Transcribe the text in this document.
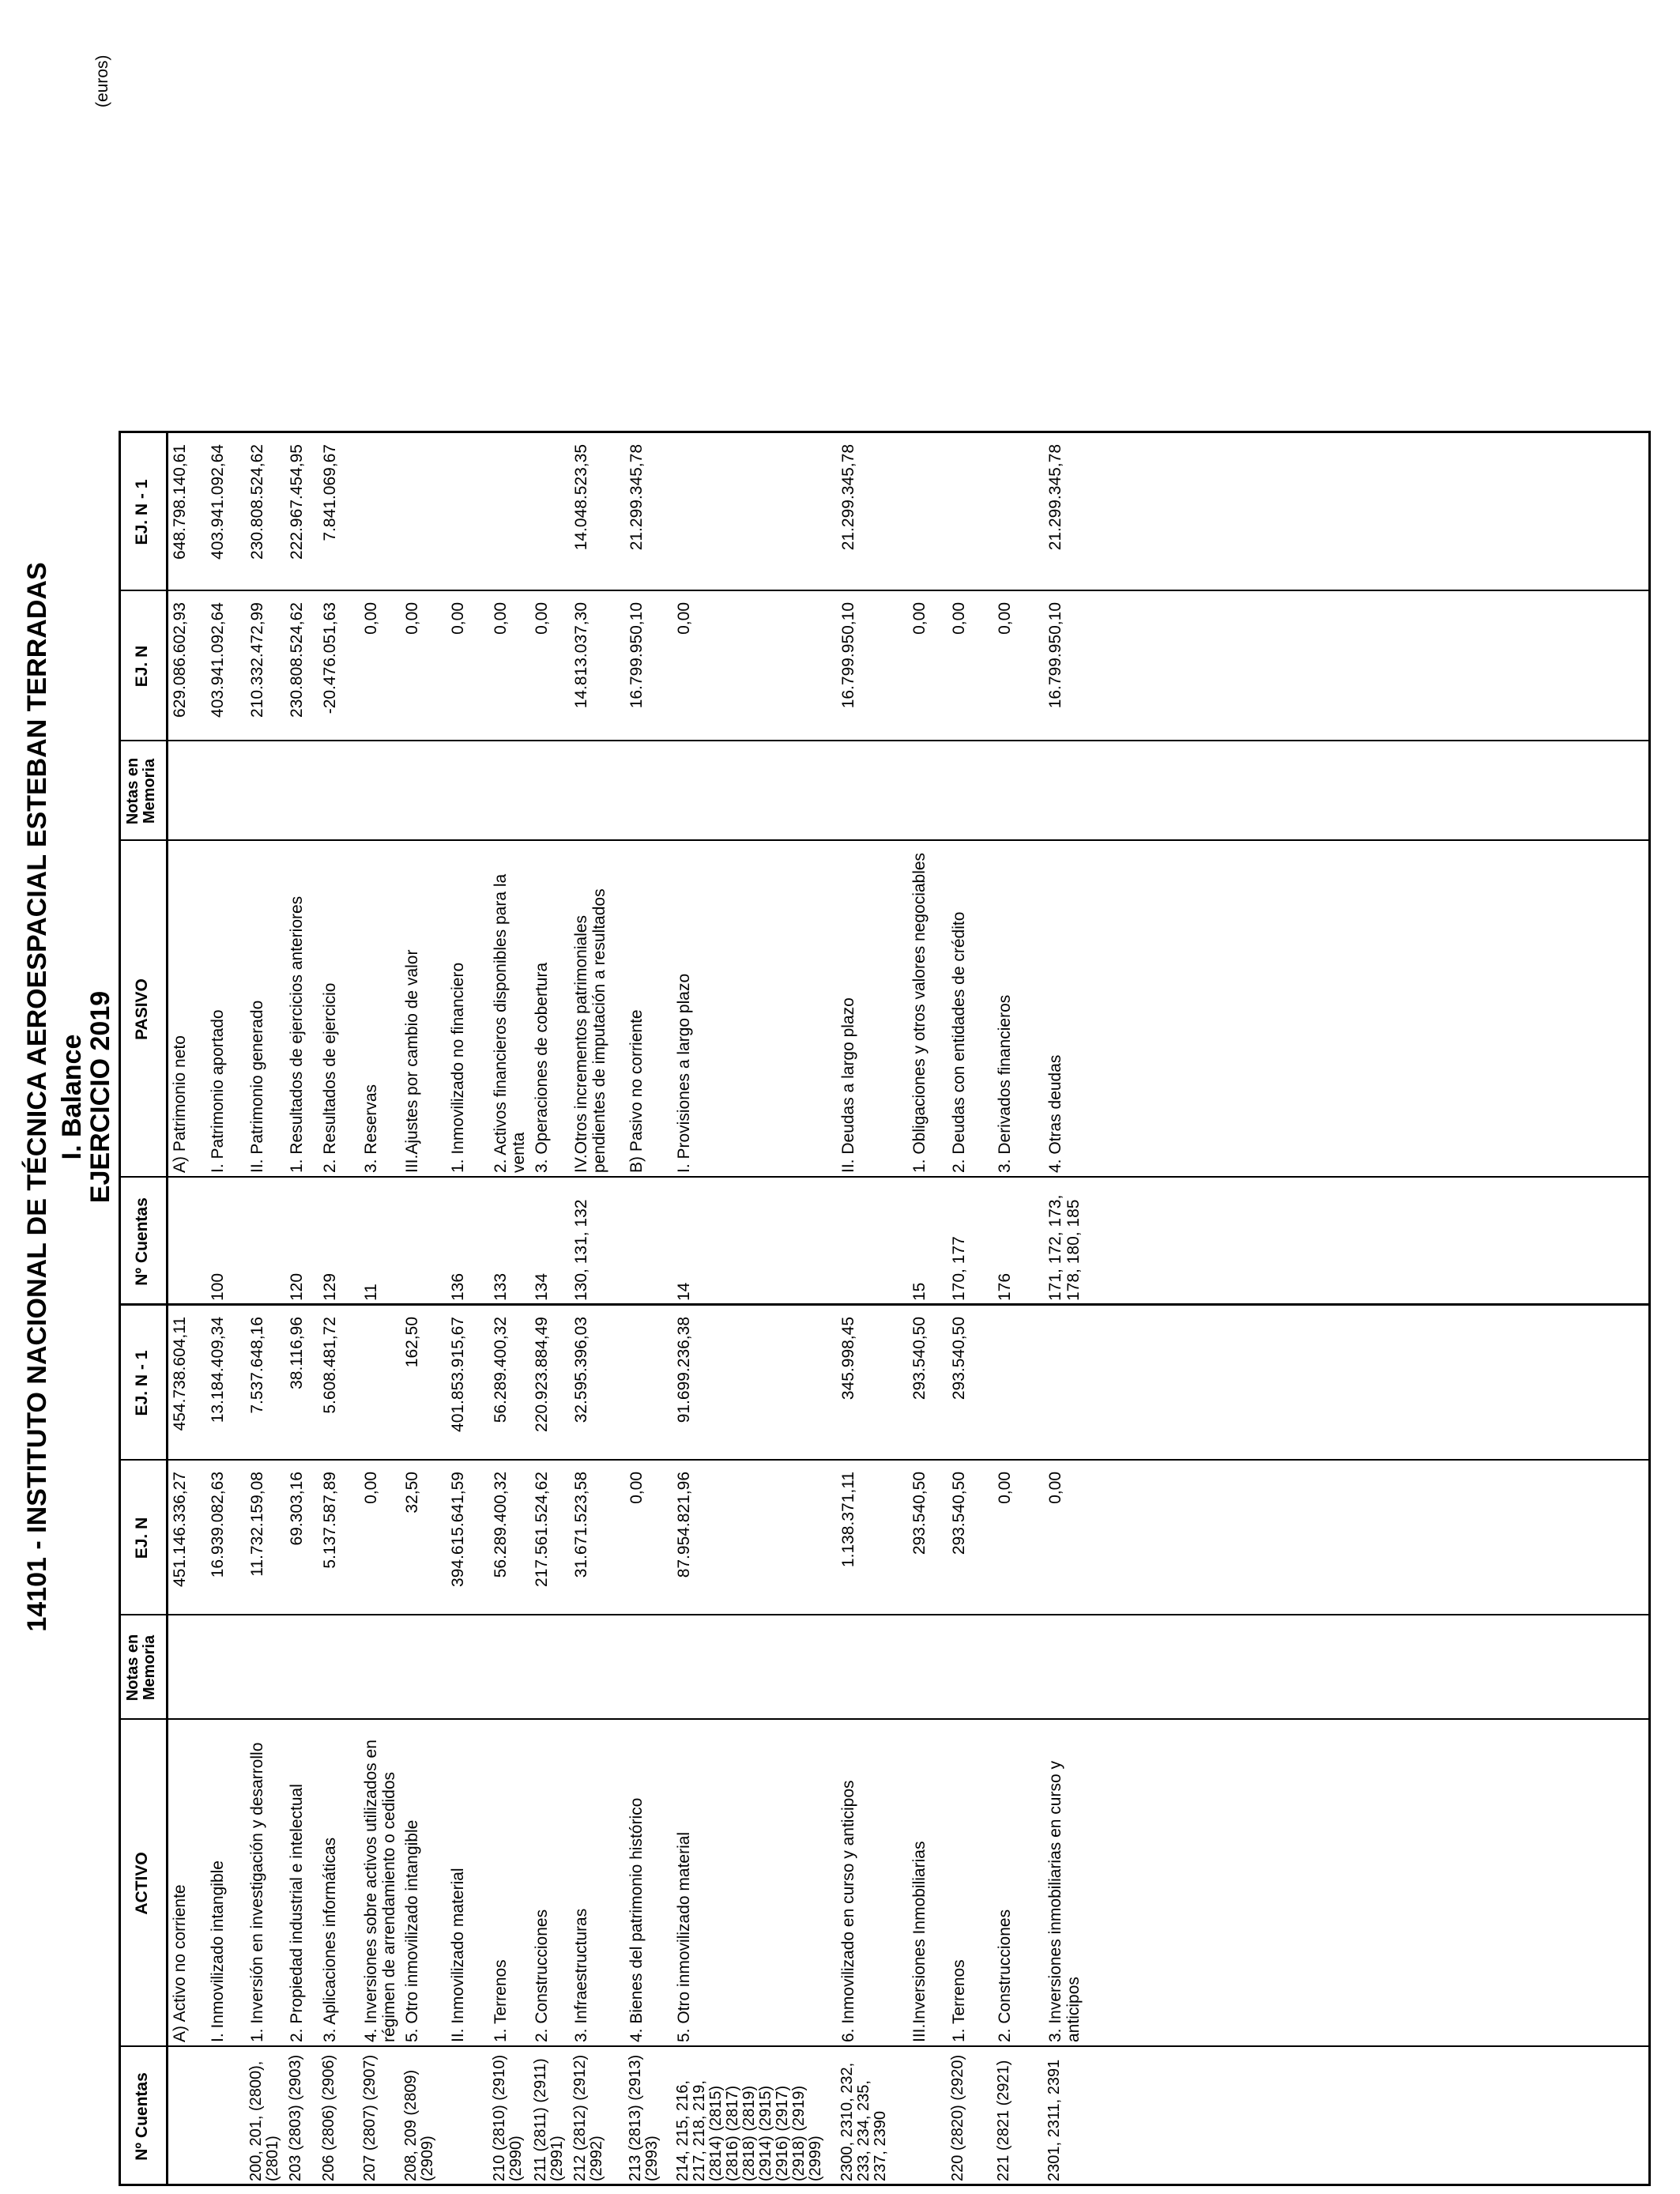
14101 - INSTITUTO NACIONAL DE TÉCNICA AEROESPACIAL ESTEBAN TERRADAS I. Balance
EJERCICIO 2019
(euros)
Nº Cuentas
ACTIVO
Notas en Memoria
EJ. N
EJ. N - 1
Nº Cuentas
PASIVO
Notas en Memoria
EJ. N
EJ. N - 1
A) Activo no corriente
451.146.336,27
454.738.604,11
A) Patrimonio neto
629.086.602,93
648.798.140,61
I. Inmovilizado intangible
16.939.082,63
13.184.409,34
100
I. Patrimonio aportado
403.941.092,64
403.941.092,64
200, 201, (2800), (2801)
1. Inversión en investigación y desarrollo
11.732.159,08
7.537.648,16
II. Patrimonio generado
210.332.472,99
230.808.524,62
203 (2803) (2903)
2. Propiedad industrial e intelectual
69.303,16
38.116,96
120
1. Resultados de ejercicios anteriores
230.808.524,62
222.967.454,95
206 (2806) (2906)
3. Aplicaciones informáticas
5.137.587,89
5.608.481,72
129
2. Resultados de ejercicio
-20.476.051,63
7.841.069,67
207 (2807) (2907)
4. Inversiones sobre activos utilizados en régimen de arrendamiento o cedidos
0,00
11
3. Reservas
0,00
208, 209 (2809) (2909)
5. Otro inmovilizado intangible
32,50
162,50
III.Ajustes por cambio de valor
0,00
II. Inmovilizado material
394.615.641,59
401.853.915,67
136
1. Inmovilizado no financiero
0,00
210 (2810) (2910) (2990)
1. Terrenos
56.289.400,32
56.289.400,32
133
2. Activos financieros disponibles para la venta
0,00
211 (2811) (2911) (2991)
2. Construcciones
217.561.524,62
220.923.884,49
134
3. Operaciones de cobertura
0,00
212 (2812) (2912) (2992)
3. Infraestructuras
31.671.523,58
32.595.396,03
130, 131, 132
IV.Otros incrementos patrimoniales pendientes de imputación a resultados
14.813.037,30
14.048.523,35
213 (2813) (2913) (2993)
4. Bienes del patrimonio histórico
0,00
B) Pasivo no corriente
16.799.950,10
21.299.345,78
214, 215, 216, 217, 218, 219, (2814) (2815) (2816) (2817) (2818) (2819) (2914) (2915) (2916) (2917) (2918) (2919) (2999)
5. Otro inmovilizado material
87.954.821,96
91.699.236,38
14
I. Provisiones a largo plazo
0,00
2300, 2310, 232, 233, 234, 235, 237, 2390
6. Inmovilizado en curso y anticipos
1.138.371,11
345.998,45
II. Deudas a largo plazo
16.799.950,10
21.299.345,78
III.Inversiones Inmobiliarias
293.540,50
293.540,50
15
1. Obligaciones y otros valores negociables
0,00
220 (2820) (2920)
1. Terrenos
293.540,50
293.540,50
170, 177
2. Deudas con entidades de crédito
0,00
221 (2821 (2921)
2. Construcciones
0,00
176
3. Derivados financieros
0,00
2301, 2311, 2391
3. Inversiones inmobiliarias en curso y anticipos
0,00
171, 172, 173, 178, 180, 185
4. Otras deudas
16.799.950,10
21.299.345,78
